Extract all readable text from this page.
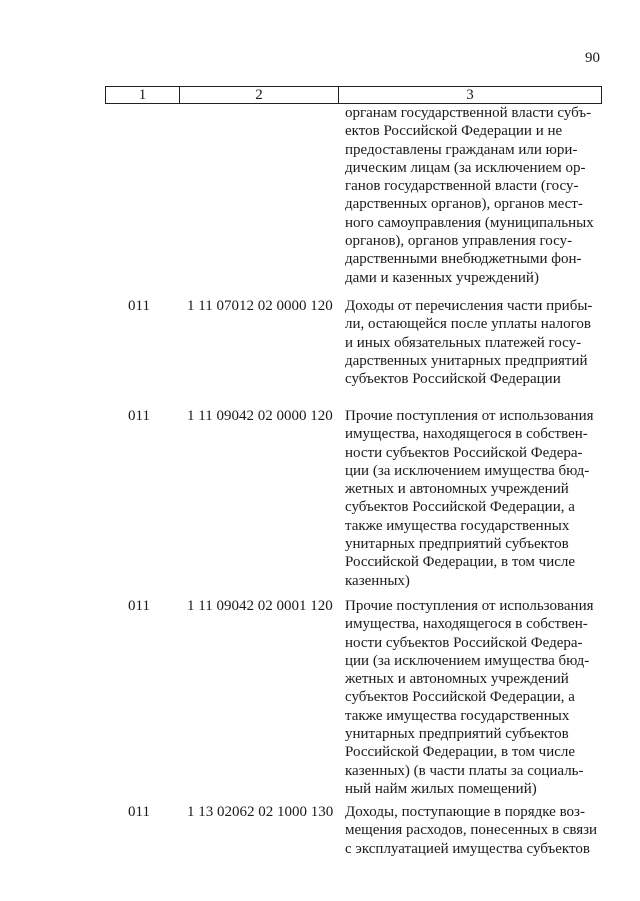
90
1	2	3
органам государственной власти субъ-
ектов Российской Федерации и не
предоставлены гражданам или юри-
дическим лицам (за исключением ор-
ганов государственной власти (госу-
дарственных органов), органов мест-
ного самоуправления (муниципальных
органов), органов управления госу-
дарственными внебюджетными фон-
дами и казенных учреждений)
011	1 11 07012 02 0000 120 Доходы от перечисления части прибы-
ли, остающейся после уплаты налогов
и иных обязательных платежей госу-
дарственных унитарных предприятий
субъектов Российской Федерации
011	1 11 09042 02 0000 120 Прочие поступления от использования
имущества, находящегося в собствен-
ности субъектов Российской Федера-
ции (за исключением имущества бюд-
жетных и автономных учреждений
субъектов Российской Федерации, а
также имущества государственных
унитарных предприятий субъектов
Российской Федерации, в том числе
казенных)
011	1 11 09042 02 0001 120 Прочие поступления от использования
имущества, находящегося в собствен-
ности субъектов Российской Федера-
ции (за исключением имущества бюд-
жетных и автономных учреждений
субъектов Российской Федерации, а
также имущества государственных
унитарных предприятий субъектов
Российской Федерации, в том числе
казенных) (в части платы за социаль-
ный найм жилых помещений)
011	1 13 02062 02 1000 130 Доходы, поступающие в порядке воз-
мещения расходов, понесенных в связи
с эксплуатацией имущества субъектов
